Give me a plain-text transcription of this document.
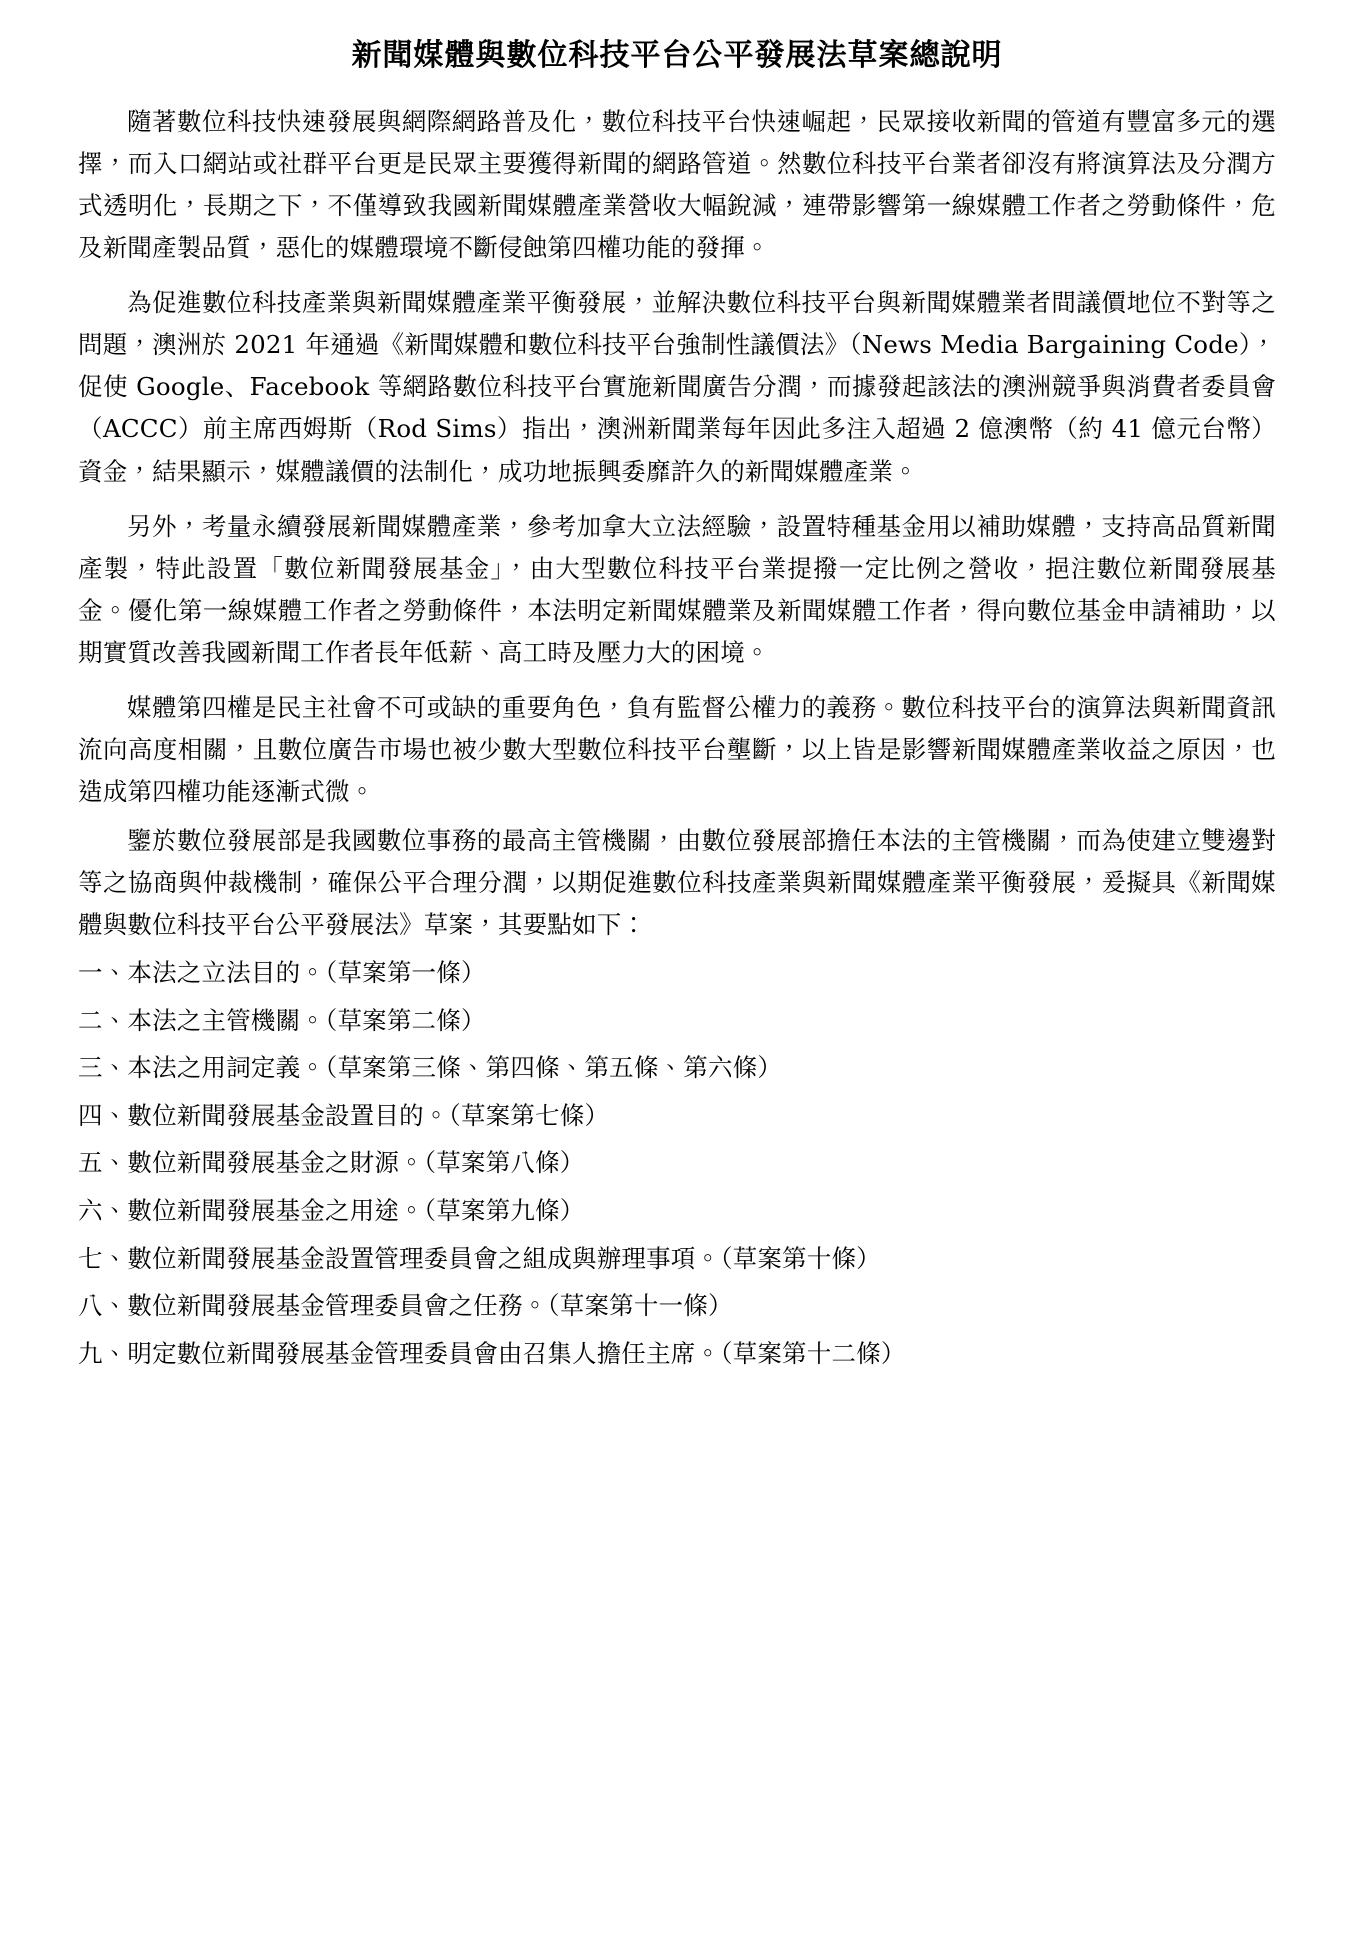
新聞媒體與數位科技平台公平發展法草案總說明

隨著數位科技快速發展與網際網路普及化，數位科技平台快速崛起，民眾接收新聞的管道有豐富多元的選擇，而入口網站或社群平台更是民眾主要獲得新聞的網路管道。然數位科技平台業者卻沒有將演算法及分潤方式透明化，長期之下，不僅導致我國新聞媒體產業營收大幅銳減，連帶影響第一線媒體工作者之勞動條件，危及新聞產製品質，惡化的媒體環境不斷侵蝕第四權功能的發揮。

為促進數位科技產業與新聞媒體產業平衡發展，並解決數位科技平台與新聞媒體業者間議價地位不對等之問題，澳洲於 2021 年通過《新聞媒體和數位科技平台強制性議價法》（News Media Bargaining Code），促使 Google、Facebook 等網路數位科技平台實施新聞廣告分潤，而據發起該法的澳洲競爭與消費者委員會（ACCC）前主席西姆斯（Rod Sims）指出，澳洲新聞業每年因此多注入超過 2 億澳幣（約 41 億元台幣）資金，結果顯示，媒體議價的法制化，成功地振興委靡許久的新聞媒體產業。

另外，考量永續發展新聞媒體產業，參考加拿大立法經驗，設置特種基金用以補助媒體，支持高品質新聞產製，特此設置「數位新聞發展基金」，由大型數位科技平台業提撥一定比例之營收，挹注數位新聞發展基金。優化第一線媒體工作者之勞動條件，本法明定新聞媒體業及新聞媒體工作者，得向數位基金申請補助，以期實質改善我國新聞工作者長年低薪、高工時及壓力大的困境。

媒體第四權是民主社會不可或缺的重要角色，負有監督公權力的義務。數位科技平台的演算法與新聞資訊流向高度相關，且數位廣告市場也被少數大型數位科技平台壟斷，以上皆是影響新聞媒體產業收益之原因，也造成第四權功能逐漸式微。

鑒於數位發展部是我國數位事務的最高主管機關，由數位發展部擔任本法的主管機關，而為使建立雙邊對等之協商與仲裁機制，確保公平合理分潤，以期促進數位科技產業與新聞媒體產業平衡發展，爰擬具《新聞媒體與數位科技平台公平發展法》草案，其要點如下：

一、本法之立法目的。（草案第一條）

二、本法之主管機關。（草案第二條）

三、本法之用詞定義。（草案第三條、第四條、第五條、第六條）

四、數位新聞發展基金設置目的。（草案第七條）

五、數位新聞發展基金之財源。（草案第八條）

六、數位新聞發展基金之用途。（草案第九條）

七、數位新聞發展基金設置管理委員會之組成與辦理事項。（草案第十條）

八、數位新聞發展基金管理委員會之任務。（草案第十一條）

九、明定數位新聞發展基金管理委員會由召集人擔任主席。（草案第十二條）
